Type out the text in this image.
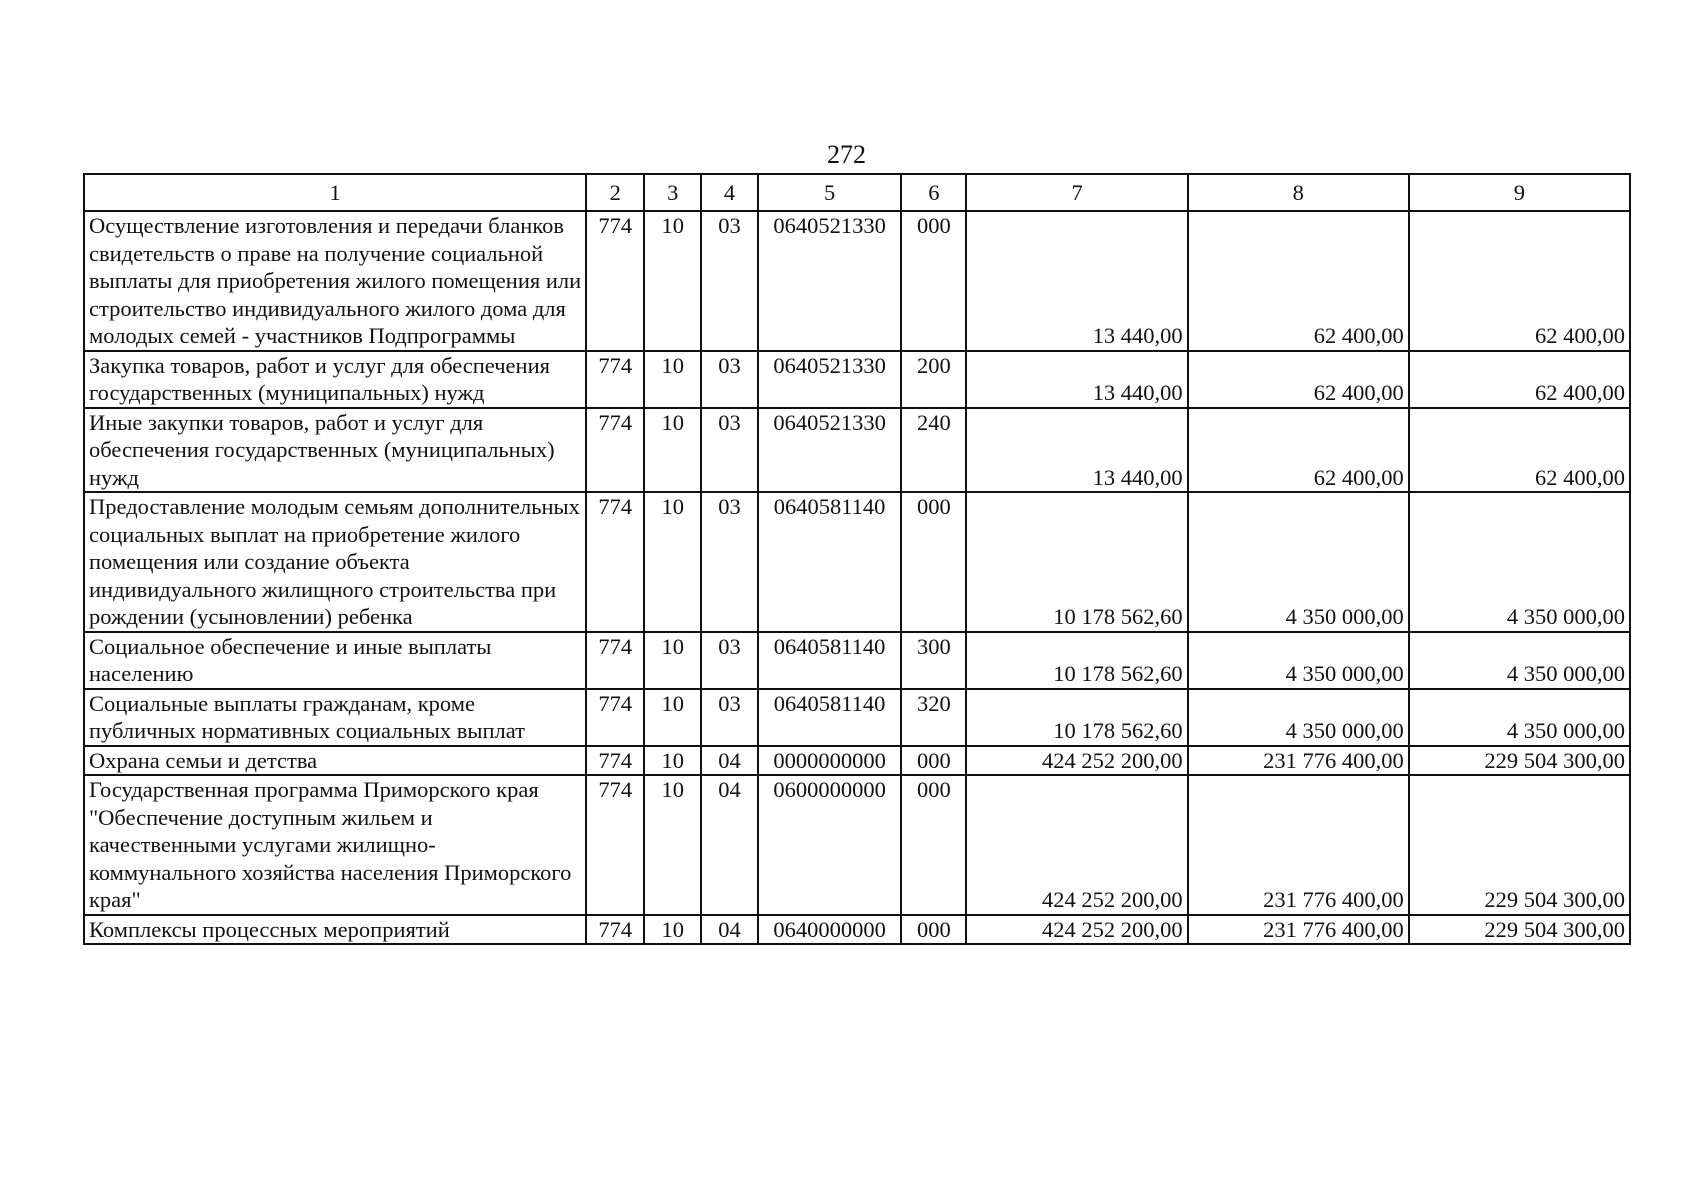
272
1	2	3	4	5	6	7	8	9
Осуществление изготовления и передачи бланков свидетельств о праве на получение социальной выплаты для приобретения жилого помещения или строительство индивидуального жилого дома для молодых семей - участников Подпрограммы	774	10	03	0640521330	000	13 440,00	62 400,00	62 400,00
Закупка товаров, работ и услуг для обеспечения государственных (муниципальных) нужд	774	10	03	0640521330	200	13 440,00	62 400,00	62 400,00
Иные закупки товаров, работ и услуг для обеспечения государственных (муниципальных) нужд	774	10	03	0640521330	240	13 440,00	62 400,00	62 400,00
Предоставление молодым семьям дополнительных социальных выплат на приобретение жилого помещения или создание объекта индивидуального жилищного строительства при рождении (усыновлении) ребенка	774	10	03	0640581140	000	10 178 562,60	4 350 000,00	4 350 000,00
Социальное обеспечение и иные выплаты населению	774	10	03	0640581140	300	10 178 562,60	4 350 000,00	4 350 000,00
Социальные выплаты гражданам, кроме публичных нормативных социальных выплат	774	10	03	0640581140	320	10 178 562,60	4 350 000,00	4 350 000,00
Охрана семьи и детства	774	10	04	0000000000	000	424 252 200,00	231 776 400,00	229 504 300,00
Государственная программа Приморского края "Обеспечение доступным жильем и качественными услугами жилищно-коммунального хозяйства населения Приморского края"	774	10	04	0600000000	000	424 252 200,00	231 776 400,00	229 504 300,00
Комплексы процессных мероприятий	774	10	04	0640000000	000	424 252 200,00	231 776 400,00	229 504 300,00
